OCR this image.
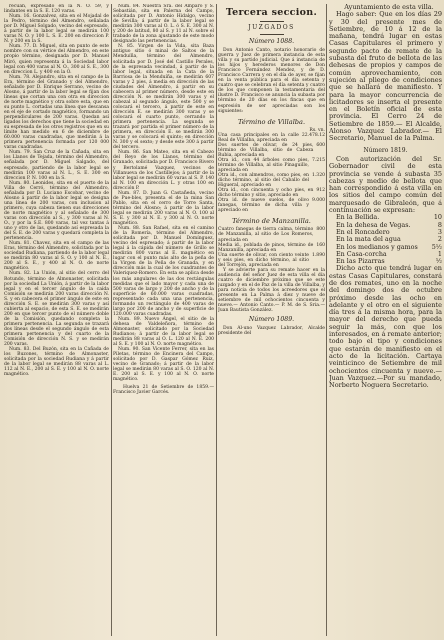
recuan, expresado en la N. O. 59, y lindantes en la S. E. 120 varas.

Num. 16. Gonzalvez, sita en el Mojadal de la Pedro, término del Almendro, señalada por D. Miguel Solgado, vecino del espresado, á partir de la labor legal se medirán 100 varas N. O. y 100 L. S. E. 200 en direccion P. N. y 200 en la S.

Num. 77. D. Miguel, sita en punto de este nombre con su vértice del Almendro, en este propio término, designada por D. Manuel Miró, quien representa á la Sociedad labor legal con 400 varas al N. O., 300 al S. E., 300 en direccion L. y 400 en la O.

Num. 78. Alejandro, sita en el campo de la Era, término del Granado y del Almendro, señalado por D. Enrique Serrano, vecino de Alosno, á partir de la labor legal se fijan dos líneas que cortan una con otra en direccion de norte magnético y otra sobre esta, que en su punto L. cortadas una línea que descansa en el eje de cortado magnético, formando un perpendiculares de 200 varas. Quedan así ligados los derechos que tiene la sociedad en su espresada de los otros registros que en su límite han medido en 6 de diciembre de 60.000 varas cuadradas, que medirán á la primera pertenencia formada por 120 000 varas cuadradas.

Num. 79. San Cruz de la Cañada, sita en los Llanos de Tejada, término del Almendro, señalada por D. Miguel Salgado, del espresado, partiendo de la labor legal se medirán 100 varas al N. L., S. E. 300 en direccion P. N. 100 en la S.

Num. 80. Leonides, sita en el puerto de la Villa de Cerró, término del Almendro, señalada por D. Luciano Escobar, vecino de Alosno á partir de la labor legal se designa una línea de 200 varas, con inclusion al primero, cuya cabeza tienen sus direcciones de norte magnético y al señalado de 300 varas con dirección al S., y 300 varas al N. O., y por la S.E. 800 varas, tal vez tantas á uno y otro de las, quedando así espresada la del S. E. de 200 varas y quedará completa la pertenencia.

Num. 81. Chavez, sita en el campo de las Eras, término del Almendro, solicitada por la sociedad Rudiana, partiendo de la labor legal se medirán 80 varas al S. O. y 100 al N. E., 200 al S. E., y 400 al N. O. de norte magnético.

Num. 82. La Unión, al sitio del cerro del Rotundo, término de Almonaster, solicitada por la sociedad La Unión, á partir de la labor legal y en el tercer ángulo de la caída Comisión se medirán 200 varas dirección N. S. y en cabecera el primer ángulo de este en dirección S. E. se medirán 300 varas y así cubierta al espacio, de esta S. E. se medirán 200 en que tercer punto de el número doble de la Comisión, quedando completa la primera pertenencia. La segunda se trazará dos líneas desde el segundo ángulo de esta primera pertenencia y del cuarto de la Comisión de dirección N. S. y se medirán 200 varas.

Num. 83. Del Buzón, sita en la Cañada de los Buzones, término de Almonaster, solicitada por la sociedad Rudiana y á partir de la labor legal se medirán 88 varas al L. 112 al N. E., 200 al S. E. y 100 al N. O. norte magnético.

Num. 84. Nuestra Sra. del Amparo y S. Sebastián, sita en Palerna del Campo, solicitada por D. Antonio Hidalgo, vecino de Sevilla; á partir de la labor legal se medirán 300 varas al O. L. ó S. E. 300 al N. y 200 de latitud, 80 al S. y 11 al N. sobre el trabado de la zona ajustando de este modo designado las pertenencias.

N. 85. Virgen de la Vida, sita Baza antiguo sitio ó minal de Saltos de la Menduíña, término del Almendro, solicitada por D. José del Castillo Perales, de la espresada vecindad, á partir de la labor legal, situada en la Cata de la Barriosa de la Menduíña, se medirán 607 varas y 2 pies, á media en dirección de las ciudades del Almendro, á partir en su cabecera al primer número, desde este en dirección N. se medirán 300 varas y el cabezal al segundo ángulo, este 500 y se colocará el tercero, á partir de este en dirección E. se medirán 300 varas y se colocará el cuarto punto, cerrando la primera pertenencia. La segunda se trazará por partida el primer número de la primera, en dirección E. se medirán 300 varas y se colocará el quinto; en dirección N. 300 y el sexto; y desde este 300 á partir del tercero.

Num. 86. San Mateo, sita en el Cabezo del Reyo de los Llanos, término del Granado, solicitada por D. Francisco Rivero y Bertolamé Vazquez, vecinos de Villanueva de los Castillejos; á partir de la labor legal se medirán 60 varas al S. P. 140 al N. 100 en dirección L. y otras 100 en dirección P.

Num. 87. D. Juan G. Castañeda, vecino de Pue-bles, presenta el de la mina San Pablo, sita en el cerro de Torre Santa, término del Alosno; á partir de la labor legal se medirán 200 varas al N. O. 100 al S. E. y 300 al N. E. y 300 al N. O. norte magnético.

Num. 88. San Rafael, sita en el camino de la Romería, término del Almendro, solicitada por D. Manuel Domínguez, vecino del espresado; á partir de la labor legal á la cápida del número de Grillo se medirán 800 varas al E. magnético en lugar con el punto más alto de la peña de la Virgen de la Peña de Granada, y en dirección más la cual de los cuadrantes de Valeriquez-Romero. En esta se aplica desde los más angulares de las dos rectángulas medidas que el lado mayor y cada una de 500 varas de largo y 200 de ancho y de la superficie de 60.000 varas cuadradas, representado cada una una pertenencia, formando un rectángulo de 400 varas de largo por 200 de ancho y de superficie de 120.000 varas cuadradas.

Num. 89. Nuevo Ángel, el sitio de la dehesa de Valdeleñora, término de Almonaster, solicitado por la Sociedad Rudianos; á partir de la labor legal se medirán 88 varas al O. L. 120 al N. E. 200 al S. E. y 100 al N. O. norte magnético.

Num. 90. San Vicente Ferrer, sita en las Piletas, término de Encinera del Campo, solicitado por D. Gaspar Gómez Ruiz, vecino de Granado; á partir de la labor legal se medirán 80 varas al S. O. 120 al N. E. 200 al S. E. y 100 al N. O. norte magnético.

Huelva 21 de Setiembre de 1859.— Francisco Javier Garcés.

Tercera seccion.
JUZGADOS
Número 1088.

Don Antonio Canto, notario honorario de guerra y Juez de primera instancia de esta villa y su partido judicial. Que á instancia de los hijos y herederos menores de Don Francisco Fernández Mendez, y de D. Francisco Carrera y en el día de ayer, se fijan en la venta pública para el día setenta y cuatro que se celebran el día setenta y cuatro de los que componen la testamentaria del ilustre D. Francisco se anuncia la subasta por término de 20 días en los fincas que en espresión de ser apreciadas son los siguientes:

Término de Villalba.

Rs. vn.

Una casa principales en la calle Real de Villalba, apreciada en
22.478.12

Dos suertes de olivar, de 24 pies, término de Villalba, sitio de Cabeza Rubia, apreciada en
600

Otra id., con 44 árboles como pies, término de Villalba, al sitio Pinaguillo, apreciada en
7.215

Otra id., con almendros, como pies, en dicho término, al sitio del Caballo del Higueral, apreciado en
1.320

Otra id., con cincuenta y ocho pies, en dicho término y sitio, apreciado en
912

Otra id. de nueve suelos, de olivo fanegas, término de dicha villa y apreciado en
9.000

Término de Manzanilla.

Cuatro fanegas de tierra calma, término de Manzanilla, al sitio de Los Romeros, apreciada en
800

Media id., poblada de pinos, término de Manzanilla, apreciada en
160

Una suerte de olivar, con ciento veinte y seis pies, en dicho término, al sitio del Torrejón, apreciada en
1.890

Y se advierte para su remate hacer en la audiencia del señor Juez de esta villa el día cuatro de diciembre próximo que se este juzgado y en el de Paz de la villa de Villalba, y para noticia de todos los acreedores que el presente en La Palma á diez y nueve de setiembre de mil ochocientos cincuenta y nueve.— Antonio Canto.— P. M. de S. Sria.— Juan Bautista González.

Número 1089.

Don Al-uno Vazquez Labrador, Alcalde presidente del

Ayuntamiento de esta villa.

Hago saber: Que en los días 29 y 30 del presente mes de Setiembre, de 10 á 12 de la mañana, tendrá lugar en estas Casas Capitulares el primero y segundo pacto de remate de la subasta del fruto de bellota de las dehesas de propios y campos de común aprovechamiento, con sujeción al pliego de condiciones que se hallará de manifiesto. Y para la mayor concurrencia de licitadores se inserta el presente en el Boletín oficial de esta provincia. El Cerro 24 de Setiembre de 1859.— El Alcalde, Alonso Vazquez Labrador.— El Secretario, Manuel de la Palma.

Número 1819.

Con autorización del Sr. Gobernador civil de esta provincia se vende á subasta 35 cabezas y medio de bellota que han correspondido á esta villa en los sitios del campo común del marquesado de Gibraleón, que á continuación se expresan:

En la Bellida.	10

En la dehesa de Vegas.	8

En el Roncadero	3

En la mata del agua	2

En los medianos y gamos	5½

En Casa-corcha	1

En las Pizarras	½

Dicho acto que tendrá lugar en estas Casas Capitulares, constará de dos remates, uno en la noche del domingo dos de octubre próximo desde las ocho en adelante y el otro en el siguiente día tres á la misma hora, para la mayor del derecho que pueda seguir la más, con que los interesados, en á remate anterior; todo bajo el tipo y condiciones que estarán de manifiesto en el acto de la licitación. Cartaya veinticinco de Setiembre de mil ochocientos cincuenta y nueve.— Juan Vazquez.—Por su mandado, Norberto Noguera Secretario.
